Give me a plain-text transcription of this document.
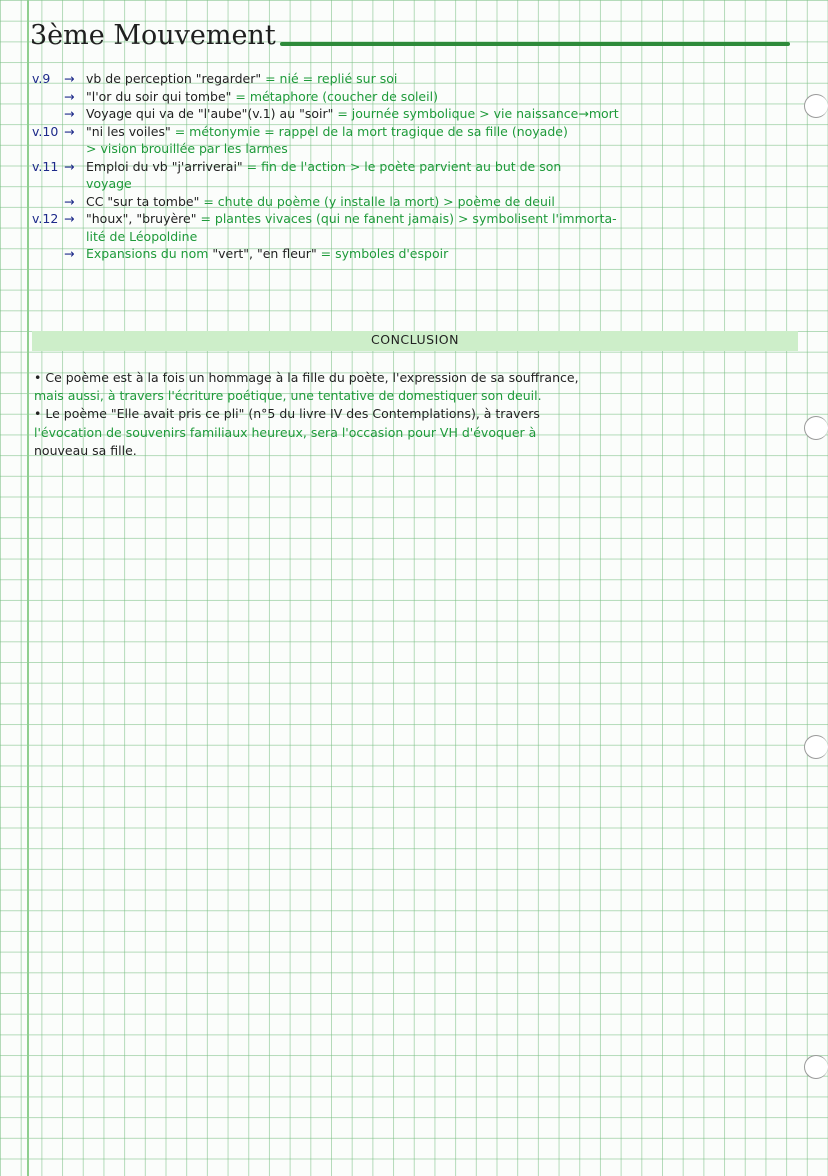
3ème Mouvement
v.9 → vb de perception "regarder" = nié = replié sur soi
→ "l'or du soir qui tombe" = métaphore (coucher de soleil)
→ Voyage qui va de "l'aube"(v.1) au "soir" = journée symbolique > vie naissance→mort
v.10 → "ni les voiles" = métonymie = rappel de la mort tragique de sa fille (noyade)
> vision brouillée par les larmes
v.11 → Emploi du vb "j'arriverai" = fin de l'action > le poète parvient au but de son
voyage
→ CC "sur ta tombe" = chute du poème (y installe la mort) > poème de deuil
v.12 → "houx", "bruyère" = plantes vivaces (qui ne fanent jamais) > symbolisent l'immorta-
lité de Léopoldine
→ Expansions du nom "vert", "en fleur" = symboles d'espoir
CONCLUSION
• Ce poème est à la fois un hommage à la fille du poète, l'expression de sa souffrance,
mais aussi, à travers l'écriture poétique, une tentative de domestiquer son deuil.
• Le poème "Elle avait pris ce pli" (n°5 du livre IV des Contemplations), à travers
l'évocation de souvenirs familiaux heureux, sera l'occasion pour VH d'évoquer à
nouveau sa fille.
